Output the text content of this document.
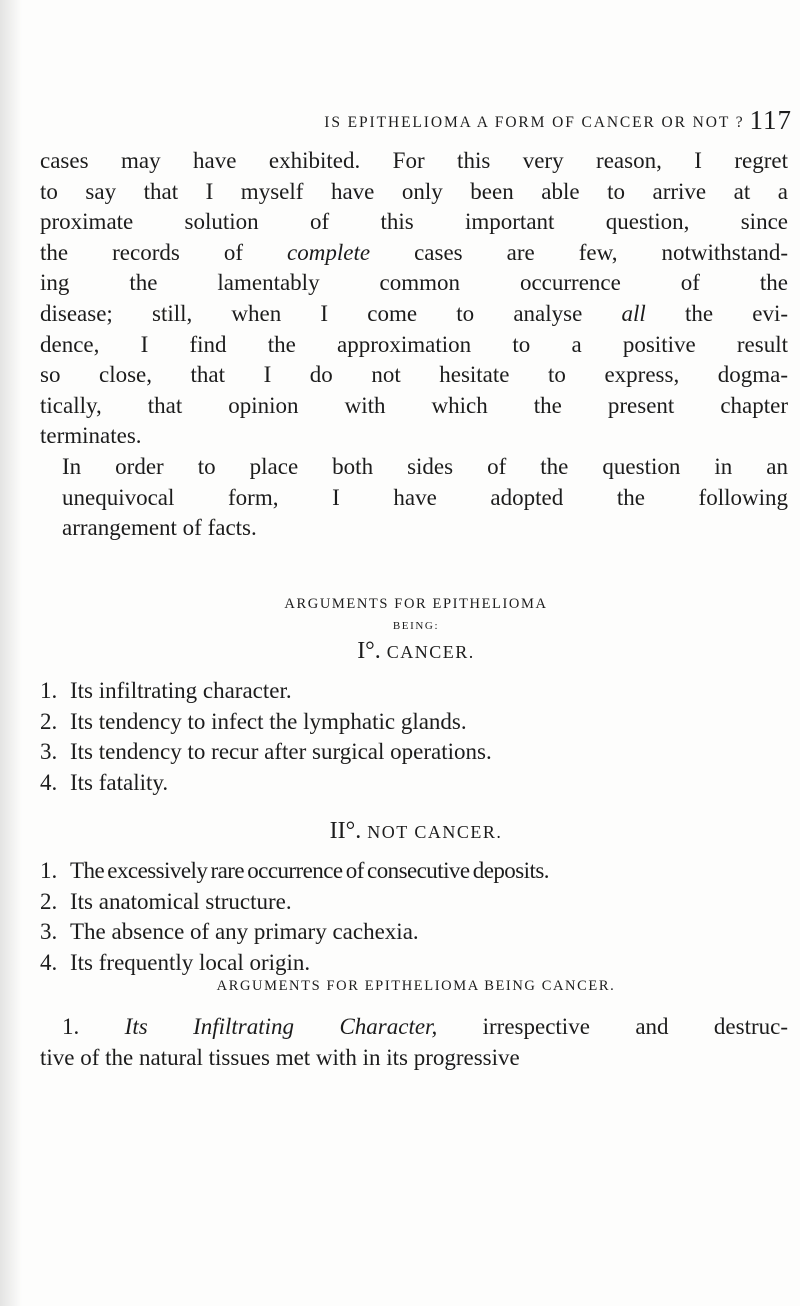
IS EPITHELIOMA A FORM OF CANCER OR NOT ? 117

cases may have exhibited. For this very reason, I regret
to say that I myself have only been able to arrive at a
proximate solution of this important question, since
the records of complete cases are few, notwithstand-
ing the lamentably common occurrence of the
disease; still, when I come to analyse all the evi-
dence, I find the approximation to a positive result
so close, that I do not hesitate to express, dogma-
tically, that opinion with which the present chapter
terminates.

In order to place both sides of the question in an
unequivocal form, I have adopted the following
arrangement of facts.

ARGUMENTS FOR EPITHELIOMA
BEING:
I°. CANCER.
1. Its infiltrating character.
2. Its tendency to infect the lymphatic glands.
3. Its tendency to recur after surgical operations.
4. Its fatality.
II°. NOT CANCER.
1. The excessively rare occurrence of consecutive deposits.
2. Its anatomical structure.
3. The absence of any primary cachexia.
4. Its frequently local origin.
ARGUMENTS FOR EPITHELIOMA BEING CANCER.
1. Its Infiltrating Character, irrespective and destruc-
tive of the natural tissues met with in its progressive
